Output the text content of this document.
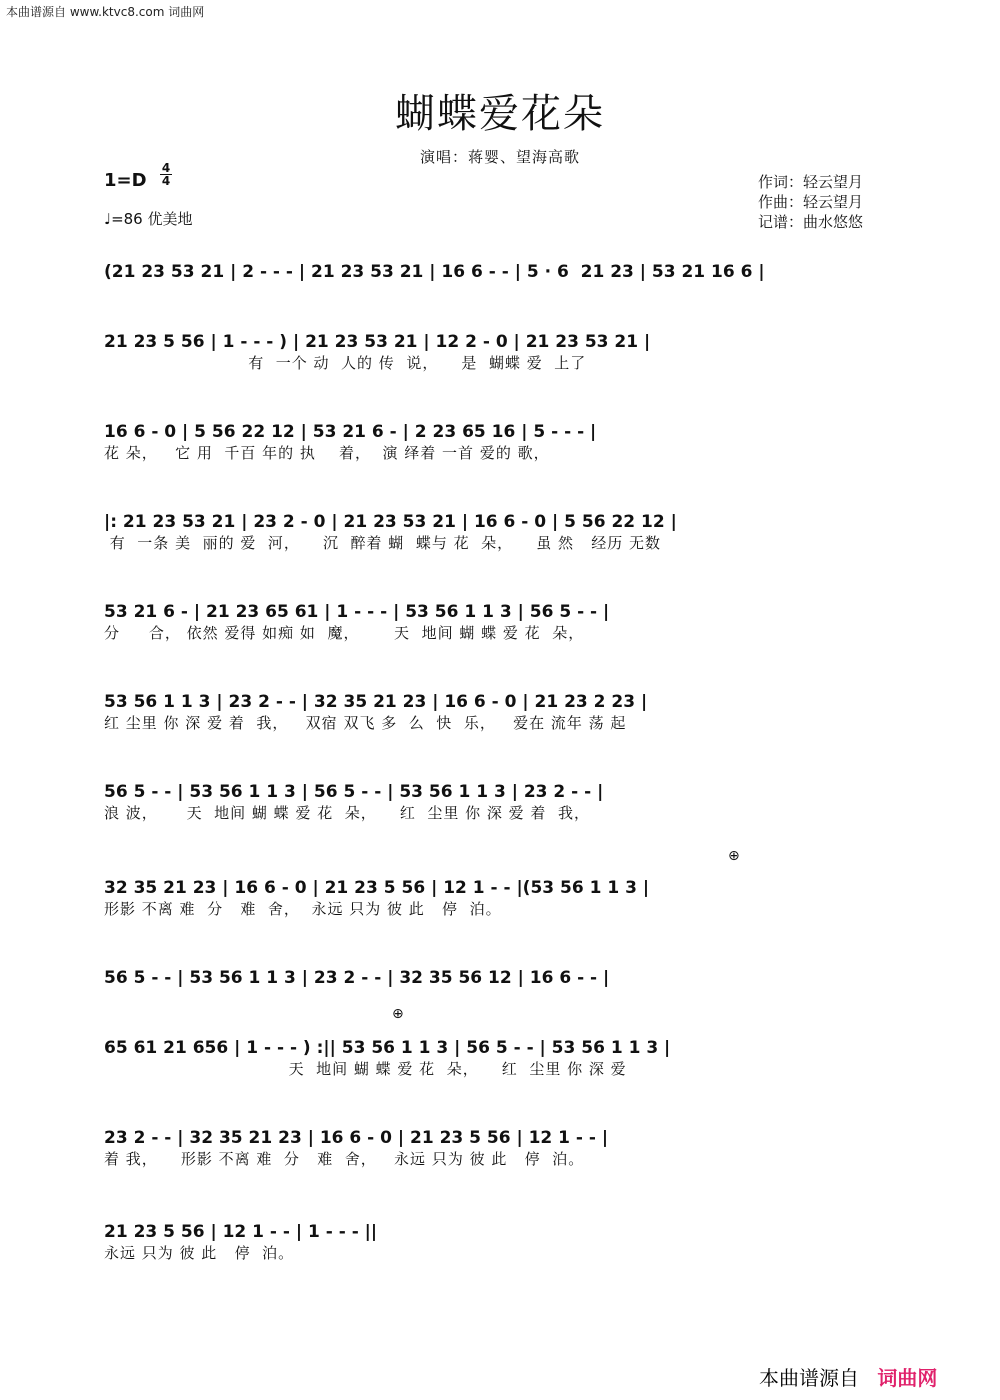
本曲谱源自 www.ktvc8.com 词曲网
蝴蝶爱花朵
演唱：蒋婴、望海高歌
1=D
4
4
♩=86 优美地
作词：轻云望月
作曲：轻云望月
记谱：曲水悠悠
(21 23 53 21 | 2 - - - | 21 23 53 21 | 16 6 - - | 5 · 6  21 23 | 53 21 16 6 |
21 23 5 56 | 1 - - - ) | 21 23 53 21 | 12 2 - 0 | 21 23 53 21 |
有  一个 动  人的 传  说，    是  蝴蝶 爱  上了
16 6 - 0 | 5 56 22 12 | 53 21 6 - | 2 23 65 16 | 5 - - - |
花 朵，   它 用  千百 年的 执    着，  演 绎着 一首 爱的 歌，
|: 21 23 53 21 | 23 2 - 0 | 21 23 53 21 | 16 6 - 0 | 5 56 22 12 |
有  一条 美  丽的 爱  河，    沉  醉着 蝴  蝶与 花  朵，    虽 然   经历 无数
53 21 6 - | 21 23 65 61 | 1 - - - | 53 56 1 1 3 | 56 5 - - |
分     合， 依然 爱得 如痴 如  魔，      天  地间 蝴 蝶 爱 花  朵，
53 56 1 1 3 | 23 2 - - | 32 35 21 23 | 16 6 - 0 | 21 23 2 23 |
红 尘里 你 深 爱 着  我，   双宿 双飞 多  么  快  乐，   爱在 流年 荡 起
56 5 - - | 53 56 1 1 3 | 56 5 - - | 53 56 1 1 3 | 23 2 - - |
浪 波，     天  地间 蝴 蝶 爱 花  朵，    红  尘里 你 深 爱 着  我，
⊕
32 35 21 23 | 16 6 - 0 | 21 23 5 56 | 12 1 - - |(53 56 1 1 3 |
形影 不离 难  分   难  舍，  永远 只为 彼 此   停  泊。
56 5 - - | 53 56 1 1 3 | 23 2 - - | 32 35 56 12 | 16 6 - - |
⊕
65 61 21 656 | 1 - - - ) :|| 53 56 1 1 3 | 56 5 - - | 53 56 1 1 3 |
天  地间 蝴 蝶 爱 花  朵，    红  尘里 你 深 爱
23 2 - - | 32 35 21 23 | 16 6 - 0 | 21 23 5 56 | 12 1 - - |
着 我，    形影 不离 难  分   难  舍，   永远 只为 彼 此   停  泊。
21 23 5 56 | 12 1 - - | 1 - - - ||
永远 只为 彼 此   停  泊。
本曲谱源自 词曲网
